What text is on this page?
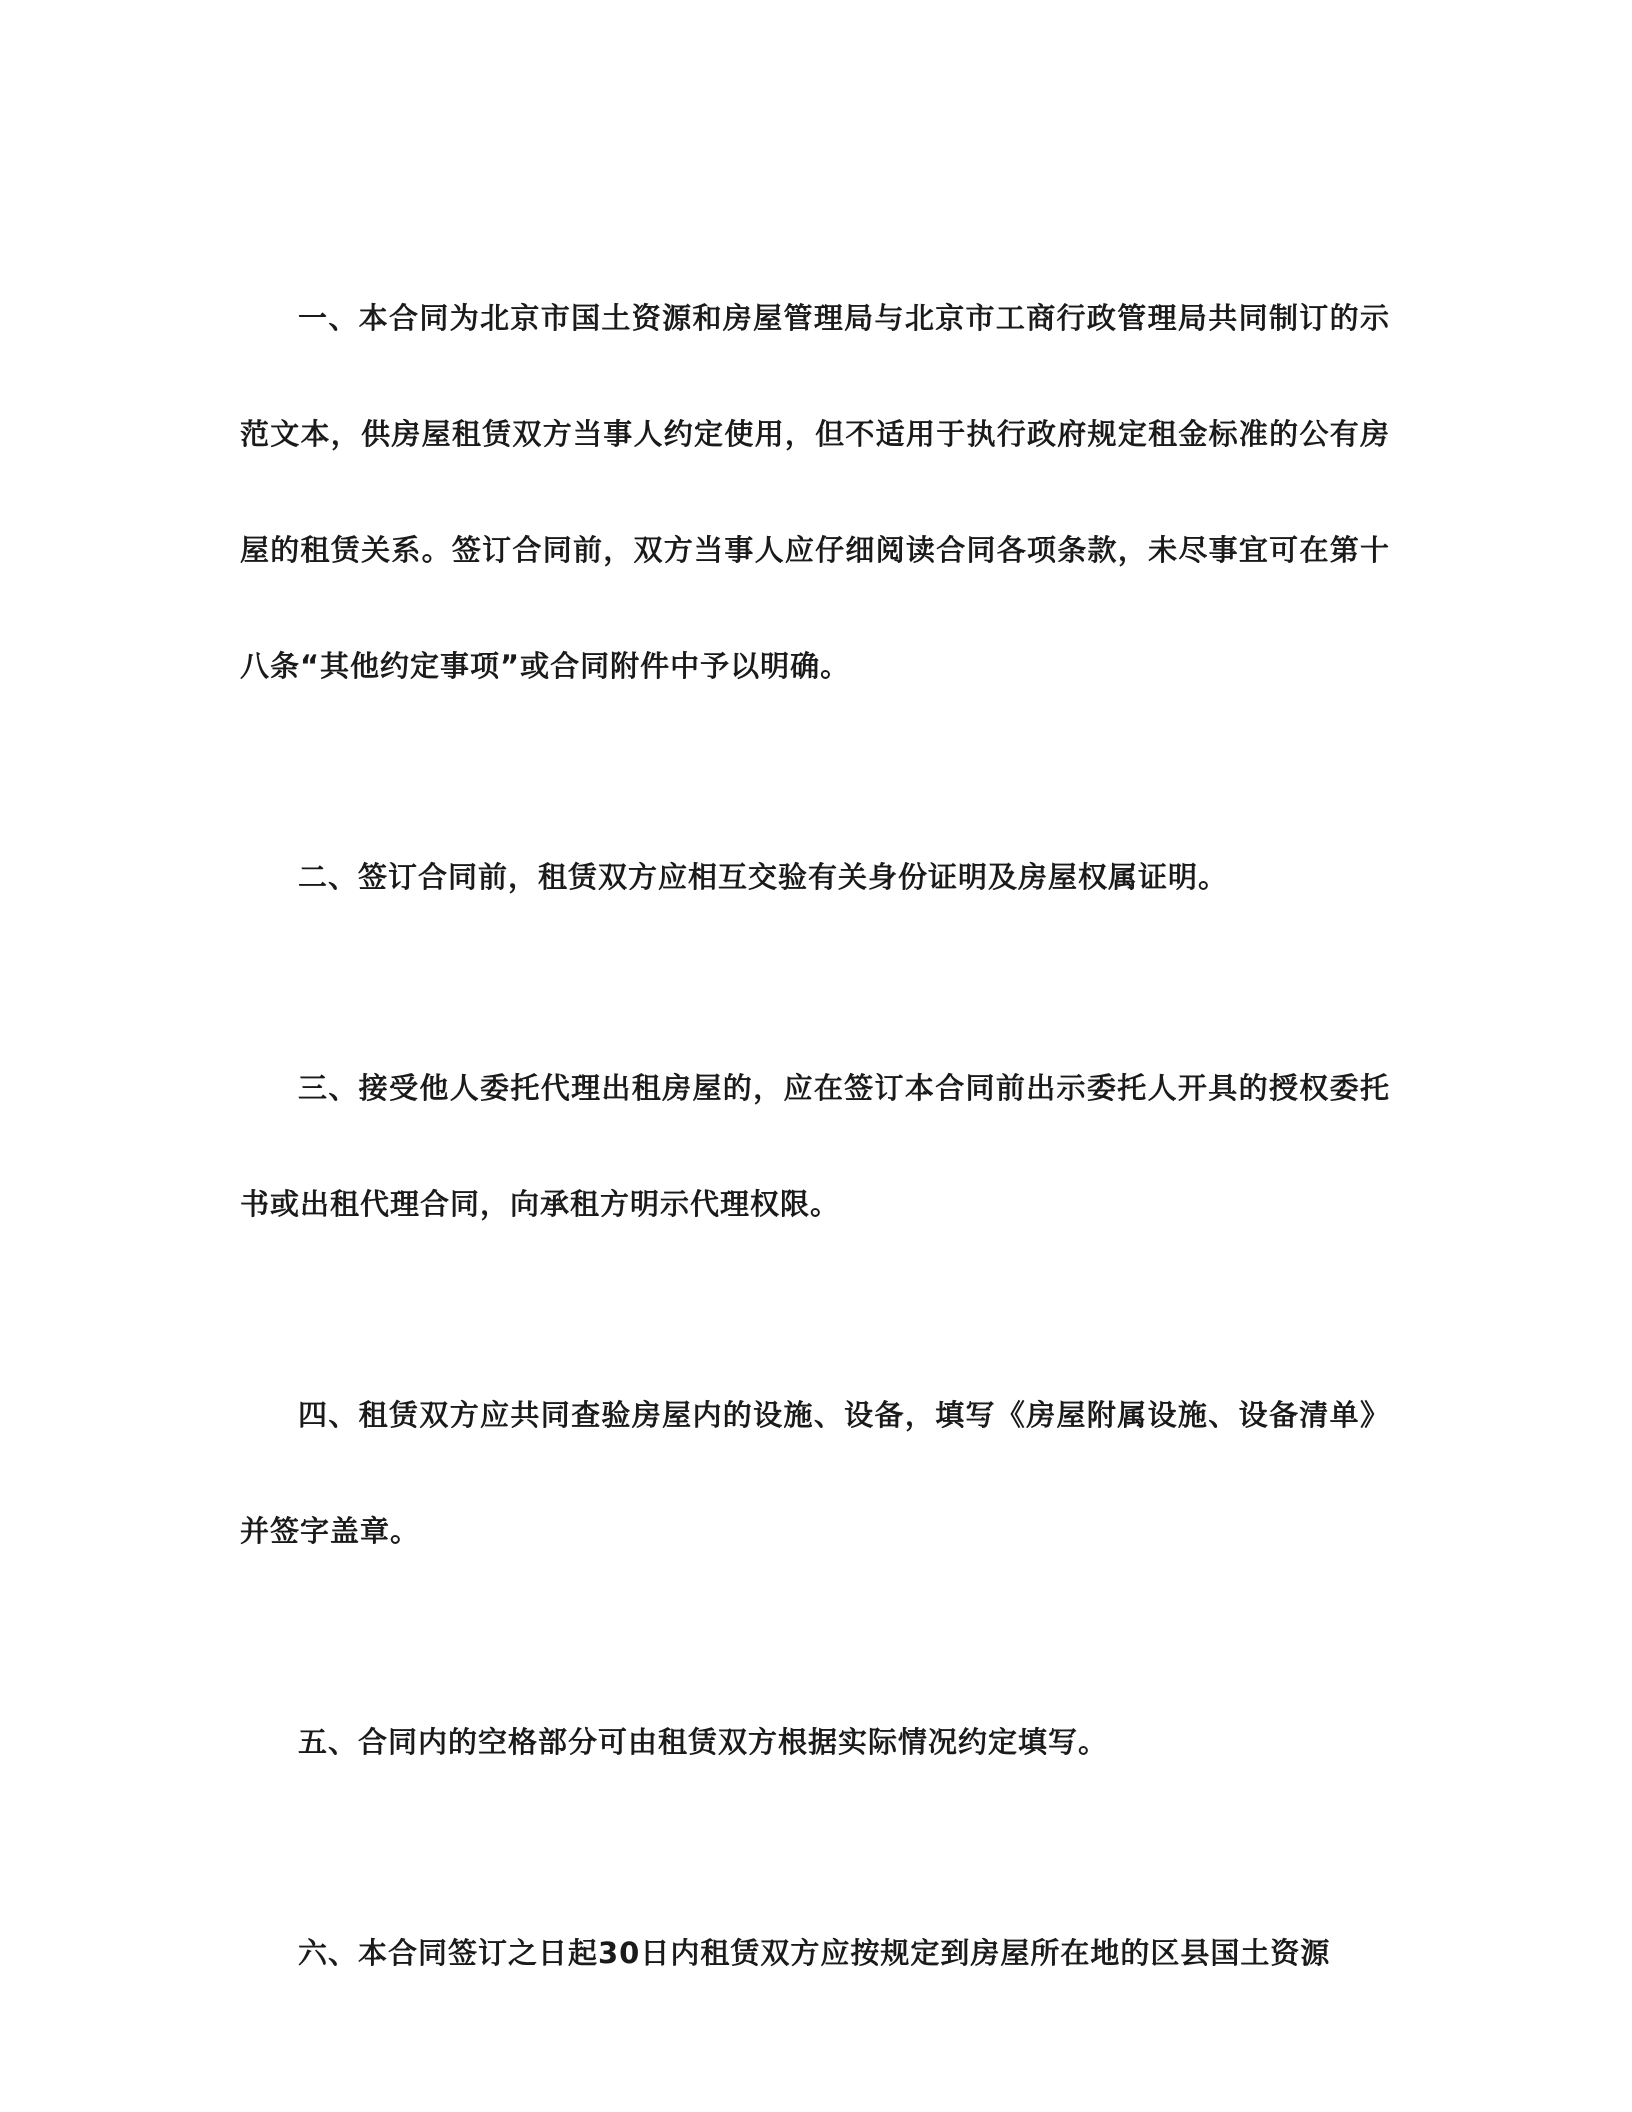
一、本合同为北京市国土资源和房屋管理局与北京市工商行政管理局共同制订的示范文本，供房屋租赁双方当事人约定使用，但不适用于执行政府规定租金标准的公有房屋的租赁关系。签订合同前，双方当事人应仔细阅读合同各项条款，未尽事宜可在第十八条“其他约定事项”或合同附件中予以明确。

二、签订合同前，租赁双方应相互交验有关身份证明及房屋权属证明。

三、接受他人委托代理出租房屋的，应在签订本合同前出示委托人开具的授权委托书或出租代理合同，向承租方明示代理权限。

四、租赁双方应共同查验房屋内的设施、设备，填写《房屋附属设施、设备清单》并签字盖章。

五、合同内的空格部分可由租赁双方根据实际情况约定填写。

六、本合同签订之日起30日内租赁双方应按规定到房屋所在地的区县国土资源
